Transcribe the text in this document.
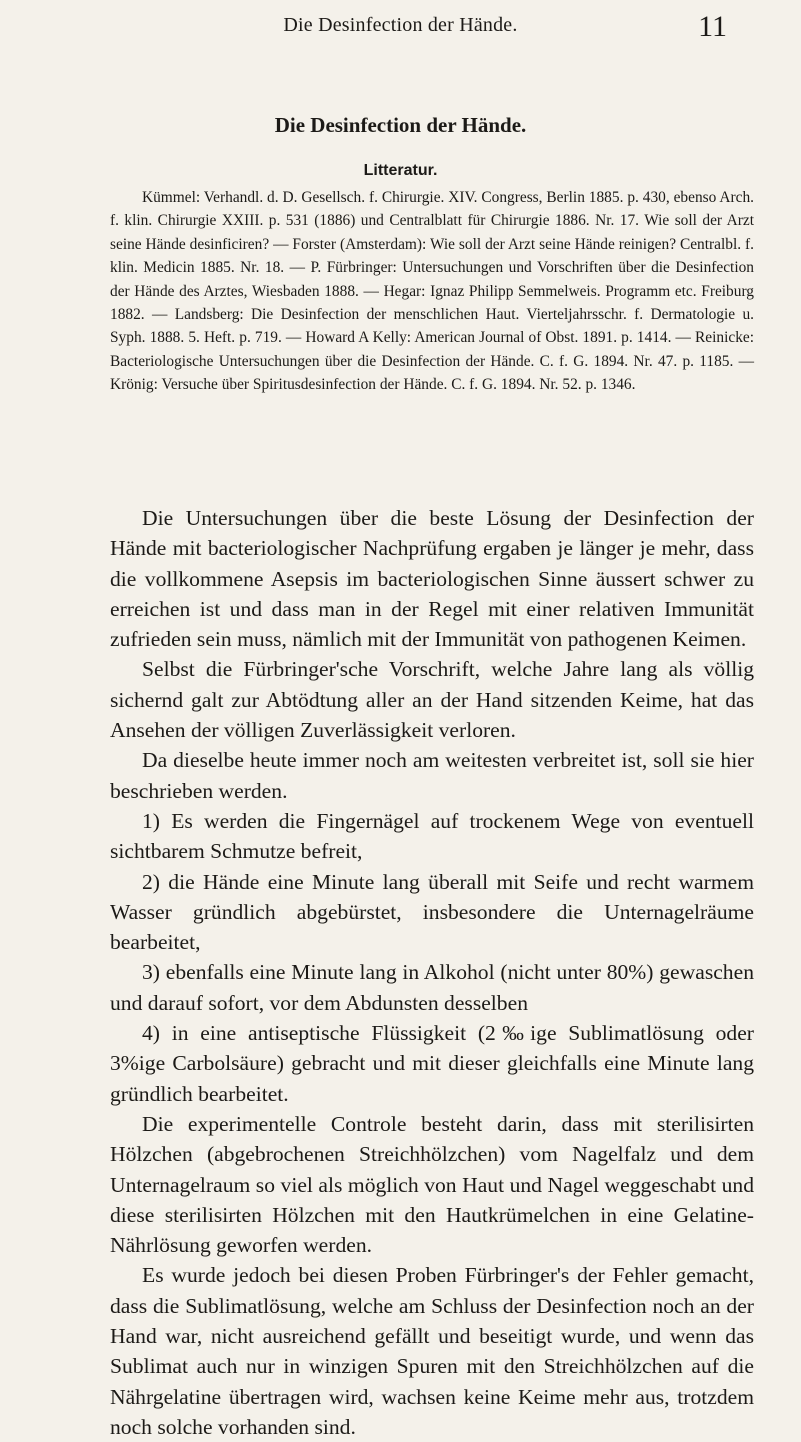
Die Desinfection der Hände.	11
Die Desinfection der Hände.
Litteratur.

Kümmel: Verhandl. d. D. Gesellsch. f. Chirurgie. XIV. Congress, Berlin 1885. p. 430, ebenso Arch. f. klin. Chirurgie XXIII. p. 531 (1886) und Centralblatt für Chirurgie 1886. Nr. 17. Wie soll der Arzt seine Hände desinficiren? — Forster (Amsterdam): Wie soll der Arzt seine Hände reinigen? Centralbl. f. klin. Medicin 1885. Nr. 18. — P. Fürbringer: Untersuchungen und Vorschriften über die Desinfection der Hände des Arztes, Wiesbaden 1888. — Hegar: Ignaz Philipp Semmelweis. Programm etc. Freiburg 1882. — Landsberg: Die Desinfection der menschlichen Haut. Vierteljahrsschr. f. Dermatologie u. Syph. 1888. 5. Heft. p. 719. — Howard A Kelly: American Journal of Obst. 1891. p. 1414. — Reinicke: Bacteriologische Untersuchungen über die Desinfection der Hände. C. f. G. 1894. Nr. 47. p. 1185. — Krönig: Versuche über Spiritusdesinfection der Hände. C. f. G. 1894. Nr. 52. p. 1346.

Die Untersuchungen über die beste Lösung der Desinfection der Hände mit bacteriologischer Nachprüfung ergaben je länger je mehr, dass die vollkommene Asepsis im bacteriologischen Sinne äussert schwer zu erreichen ist und dass man in der Regel mit einer relativen Immunität zufrieden sein muss, nämlich mit der Immunität von pathogenen Keimen.

Selbst die Fürbringer'sche Vorschrift, welche Jahre lang als völlig sichernd galt zur Abtödtung aller an der Hand sitzenden Keime, hat das Ansehen der völligen Zuverlässigkeit verloren.

Da dieselbe heute immer noch am weitesten verbreitet ist, soll sie hier beschrieben werden.

1) Es werden die Fingernägel auf trockenem Wege von eventuell sichtbarem Schmutze befreit,

2) die Hände eine Minute lang überall mit Seife und recht warmem Wasser gründlich abgebürstet, insbesondere die Unternagelräume bearbeitet,

3) ebenfalls eine Minute lang in Alkohol (nicht unter 80%) gewaschen und darauf sofort, vor dem Abdunsten desselben

4) in eine antiseptische Flüssigkeit (2‰ige Sublimatlösung oder 3%ige Carbolsäure) gebracht und mit dieser gleichfalls eine Minute lang gründlich bearbeitet.

Die experimentelle Controle besteht darin, dass mit sterilisirten Hölzchen (abgebrochenen Streichhölzchen) vom Nagelfalz und dem Unternagelraum so viel als möglich von Haut und Nagel weggeschabt und diese sterilisirten Hölzchen mit den Hautkrümelchen in eine Gelatine-Nährlösung geworfen werden.

Es wurde jedoch bei diesen Proben Fürbringer's der Fehler gemacht, dass die Sublimatlösung, welche am Schluss der Desinfection noch an der Hand war, nicht ausreichend gefällt und beseitigt wurde, und wenn das Sublimat auch nur in winzigen Spuren mit den Streichhölzchen auf die Nährgelatine übertragen wird, wachsen keine Keime mehr aus, trotzdem noch solche vorhanden sind.
